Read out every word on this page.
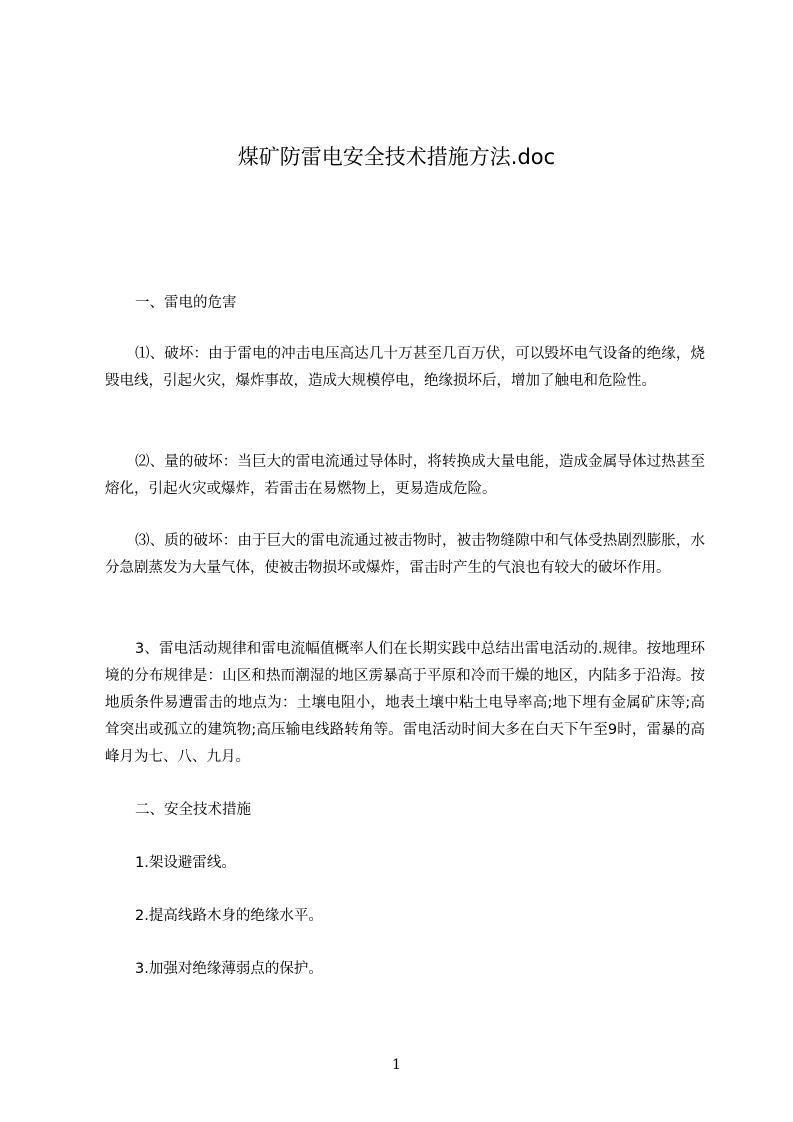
煤矿防雷电安全技术措施方法.doc

一、雷电的危害

⑴、破坏：由于雷电的冲击电压高达几十万甚至几百万伏，可以毁坏电气设备的绝缘，烧毁电线，引起火灾，爆炸事故，造成大规模停电，绝缘损坏后，增加了触电和危险性。

⑵、量的破坏：当巨大的雷电流通过导体时，将转换成大量电能，造成金属导体过热甚至熔化，引起火灾或爆炸，若雷击在易燃物上，更易造成危险。

⑶、质的破坏：由于巨大的雷电流通过被击物时，被击物缝隙中和气体受热剧烈膨胀，水分急剧蒸发为大量气体，使被击物损坏或爆炸，雷击时产生的气浪也有较大的破坏作用。

3、雷电活动规律和雷电流幅值概率人们在长期实践中总结出雷电活动的.规律。按地理环境的分布规律是：山区和热而潮湿的地区雳暴高于平原和冷而干燥的地区，内陆多于沿海。按地质条件易遭雷击的地点为：土壤电阻小，地表土壤中粘土电导率高;地下埋有金属矿床等;高耸突出或孤立的建筑物;高压输电线路转角等。雷电活动时间大多在白天下午至9时，雷暴的高峰月为七、八、九月。

二、安全技术措施

1.架设避雷线。

2.提高线路木身的绝缘水平。

3.加强对绝缘薄弱点的保护。

1
